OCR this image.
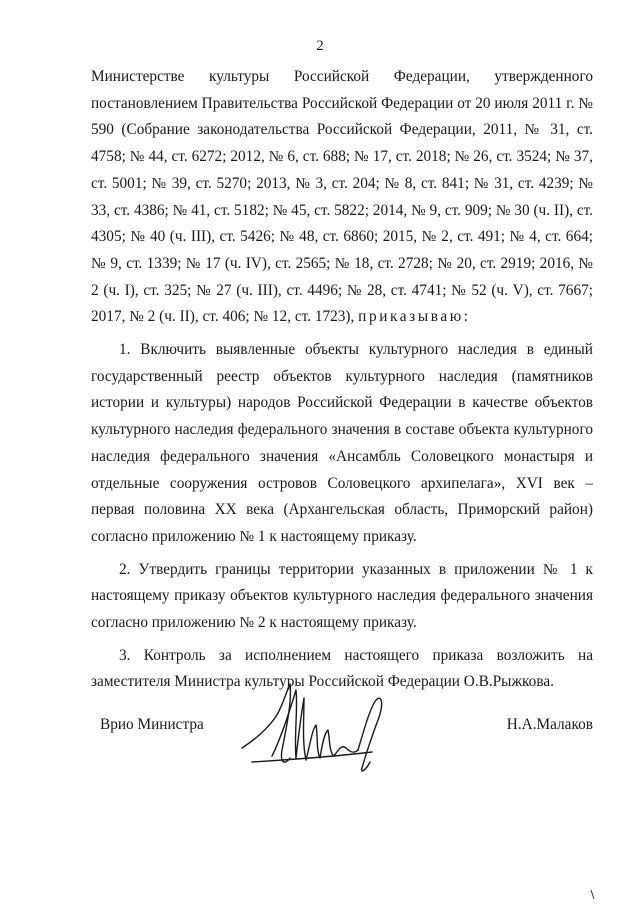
2

Министерстве культуры Российской Федерации, утвержденного постановлением Правительства Российской Федерации от 20 июля 2011 г. № 590 (Собрание законодательства Российской Федерации, 2011, № 31, ст. 4758; № 44, ст. 6272; 2012, № 6, ст. 688; № 17, ст. 2018; № 26, ст. 3524; № 37, ст. 5001; № 39, ст. 5270; 2013, № 3, ст. 204; № 8, ст. 841; № 31, ст. 4239; № 33, ст. 4386; № 41, ст. 5182; № 45, ст. 5822; 2014, № 9, ст. 909; № 30 (ч. II), ст. 4305; № 40 (ч. III), ст. 5426; № 48, ст. 6860; 2015, № 2, ст. 491; № 4, ст. 664; № 9, ст. 1339; № 17 (ч. IV), ст. 2565; № 18, ст. 2728; № 20, ст. 2919; 2016, № 2 (ч. I), ст. 325; № 27 (ч. III), ст. 4496; № 28, ст. 4741; № 52 (ч. V), ст. 7667; 2017, № 2 (ч. II), ст. 406; № 12, ст. 1723), приказываю:

1. Включить выявленные объекты культурного наследия в единый государственный реестр объектов культурного наследия (памятников истории и культуры) народов Российской Федерации в качестве объектов культурного наследия федерального значения в составе объекта культурного наследия федерального значения «Ансамбль Соловецкого монастыря и отдельные сооружения островов Соловецкого архипелага», XVI век – первая половина XX века (Архангельская область, Приморский район) согласно приложению № 1 к настоящему приказу.

2. Утвердить границы территории указанных в приложении № 1 к настоящему приказу объектов культурного наследия федерального значения согласно приложению № 2 к настоящему приказу.

3. Контроль за исполнением настоящего приказа возложить на заместителя Министра культуры Российской Федерации О.В.Рыжкова.

Врио Министра	Н.А.Малаков
